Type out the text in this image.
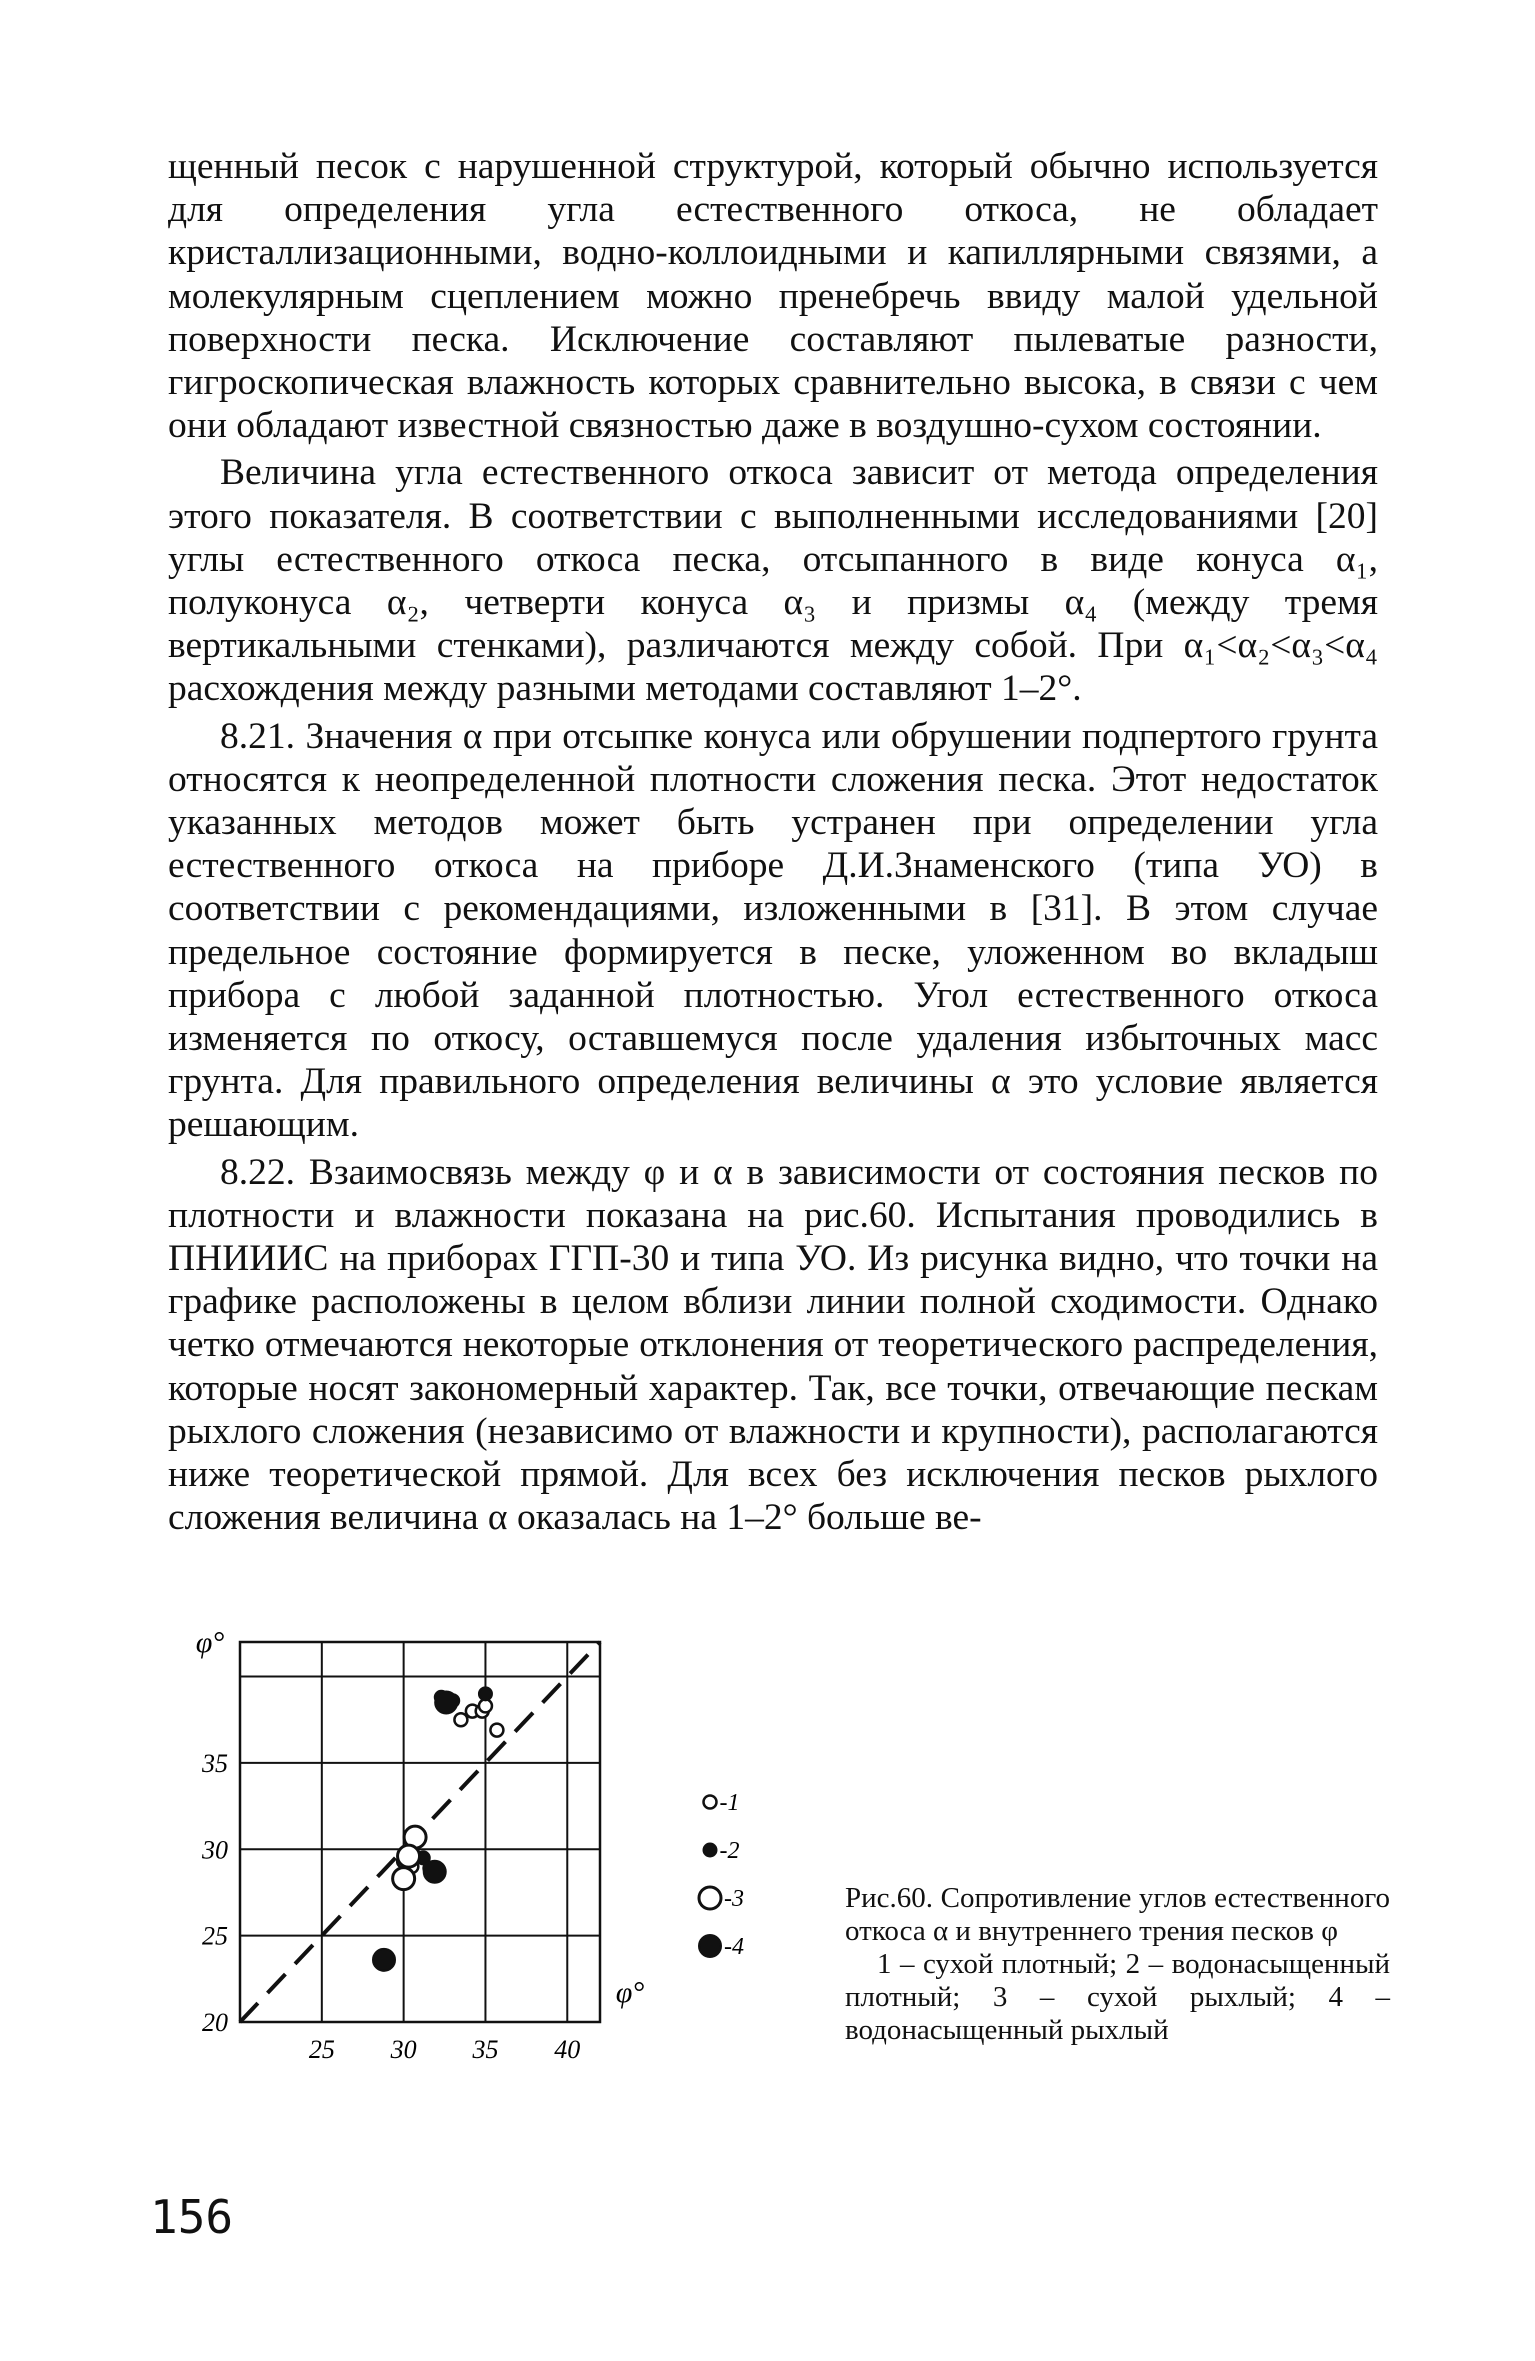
щенный песок с нарушенной структурой, который обычно используется для определения угла естественного откоса, не обладает кристаллизационными, водно-коллоидными и капиллярными связями, а молекулярным сцеплением можно пренебречь ввиду малой удельной поверхности песка. Исключение составляют пылеватые разности, гигроскопическая влажность которых сравнительно высока, в связи с чем они обладают известной связностью даже в воздушно-сухом состоянии.

Величина угла естественного откоса зависит от метода определения этого показателя. В соответствии с выполненными исследованиями [20] углы естественного откоса песка, отсыпанного в виде конуса α₁, полуконуса α₂, четверти конуса α₃ и призмы α₄ (между тремя вертикальными стенками), различаются между собой. При α₁<α₂<α₃<α₄ расхождения между разными методами составляют 1–2°.

8.21. Значения α при отсыпке конуса или обрушении подпертого грунта относятся к неопределенной плотности сложения песка. Этот недостаток указанных методов может быть устранен при определении угла естественного откоса на приборе Д.И.Знаменского (типа УО) в соответствии с рекомендациями, изложенными в [31]. В этом случае предельное состояние формируется в песке, уложенном во вкладыш прибора с любой заданной плотностью. Угол естественного откоса изменяется по откосу, оставшемуся после удаления избыточных масс грунта. Для правильного определения величины α это условие является решающим.

8.22. Взаимосвязь между φ и α в зависимости от состояния песков по плотности и влажности показана на рис.60. Испытания проводились в ПНИИИС на приборах ГГП-30 и типа УО. Из рисунка видно, что точки на графике расположены в целом вблизи линии полной сходимости. Однако четко отмечаются некоторые отклонения от теоретического распределения, которые носят закономерный характер. Так, все точки, отвечающие пескам рыхлого сложения (независимо от влажности и крупности), располагаются ниже теоретической прямой. Для всех без исключения песков рыхлого сложения величина α оказалась на 1–2° больше ве-

25 30 35 40
20
25
30
35
φ°
φ°
-1
-2
-3
-4
Рис.60. Сопротивление углов естественного откоса α и внутреннего трения песков φ
1 – сухой плотный; 2 – водонасыщенный плотный; 3 – сухой рыхлый; 4 – водонасыщенный рыхлый
156
